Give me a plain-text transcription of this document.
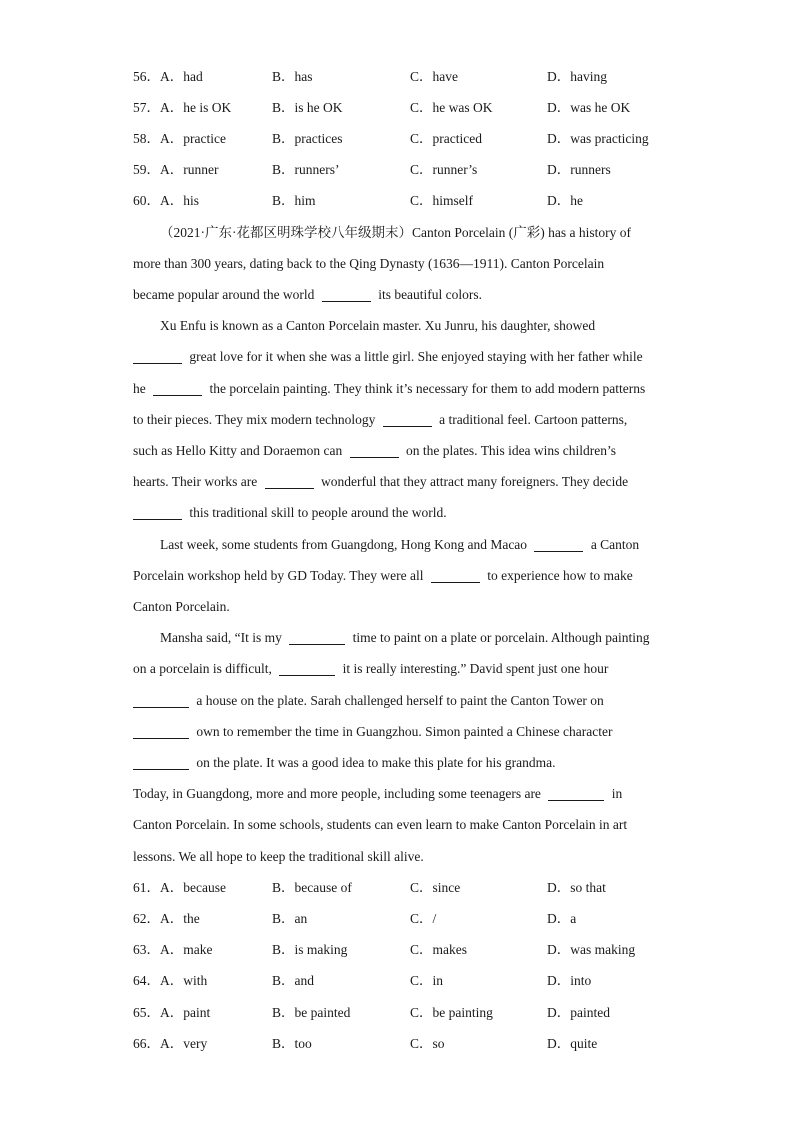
56．A．had	B．has	C．have	D．having
57．A．he is OK	B．is he OK	C．he was OK	D．was he OK
58．A．practice	B．practices	C．practiced	D．was practicing
59．A．runner	B．runners’	C．runner’s	D．runners
60．A．his	B．him	C．himself	D．he
（2021·广东·花都区明珠学校八年级期末）Canton Porcelain (广彩) has a history of
more than 300 years, dating back to the Qing Dynasty (1636—1911). Canton Porcelain
became popular around the world	its beautiful colors.
Xu Enfu is known as a Canton Porcelain master. Xu Junru, his daughter, showed
great love for it when she was a little girl. She enjoyed staying with her father while
he	the porcelain painting. They think it’s necessary for them to add modern patterns
to their pieces. They mix modern technology	a traditional feel. Cartoon patterns,
such as Hello Kitty and Doraemon can	on the plates. This idea wins children’s
hearts. Their works are	wonderful that they attract many foreigners. They decide
this traditional skill to people around the world.
Last week, some students from Guangdong, Hong Kong and Macao	a Canton
Porcelain workshop held by GD Today. They were all	to experience how to make
Canton Porcelain.
Mansha said, “It is my	time to paint on a plate or porcelain. Although painting
on a porcelain is difficult,	it is really interesting.” David spent just one hour
a house on the plate. Sarah challenged herself to paint the Canton Tower on
own to remember the time in Guangzhou. Simon painted a Chinese character
on the plate. It was a good idea to make this plate for his grandma.
Today, in Guangdong, more and more people, including some teenagers are	in
Canton Porcelain. In some schools, students can even learn to make Canton Porcelain in art
lessons. We all hope to keep the traditional skill alive.
61．A．because	B．because of	C．since	D．so that
62．A．the	B．an	C．/	D．a
63．A．make	B．is making	C．makes	D．was making
64．A．with	B．and	C．in	D．into
65．A．paint	B．be painted	C．be painting	D．painted
66．A．very	B．too	C．so	D．quite
